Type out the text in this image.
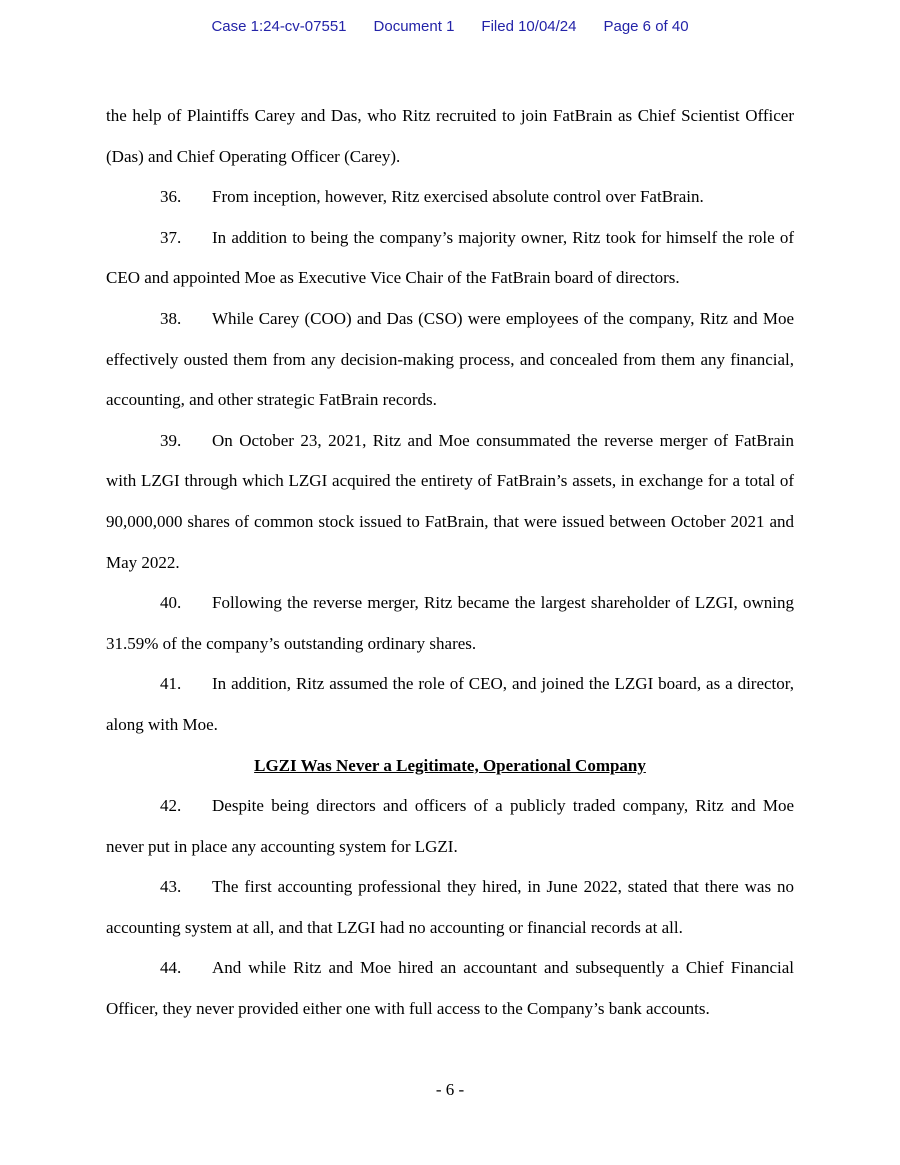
Case 1:24-cv-07551 Document 1 Filed 10/04/24 Page 6 of 40

the help of Plaintiffs Carey and Das, who Ritz recruited to join FatBrain as Chief Scientist Officer (Das) and Chief Operating Officer (Carey).

36. From inception, however, Ritz exercised absolute control over FatBrain.

37. In addition to being the company’s majority owner, Ritz took for himself the role of CEO and appointed Moe as Executive Vice Chair of the FatBrain board of directors.

38. While Carey (COO) and Das (CSO) were employees of the company, Ritz and Moe effectively ousted them from any decision-making process, and concealed from them any financial, accounting, and other strategic FatBrain records.

39. On October 23, 2021, Ritz and Moe consummated the reverse merger of FatBrain with LZGI through which LZGI acquired the entirety of FatBrain’s assets, in exchange for a total of 90,000,000 shares of common stock issued to FatBrain, that were issued between October 2021 and May 2022.

40. Following the reverse merger, Ritz became the largest shareholder of LZGI, owning 31.59% of the company’s outstanding ordinary shares.

41. In addition, Ritz assumed the role of CEO, and joined the LZGI board, as a director, along with Moe.

LGZI Was Never a Legitimate, Operational Company

42. Despite being directors and officers of a publicly traded company, Ritz and Moe never put in place any accounting system for LGZI.

43. The first accounting professional they hired, in June 2022, stated that there was no accounting system at all, and that LZGI had no accounting or financial records at all.

44. And while Ritz and Moe hired an accountant and subsequently a Chief Financial Officer, they never provided either one with full access to the Company’s bank accounts.

- 6 -
